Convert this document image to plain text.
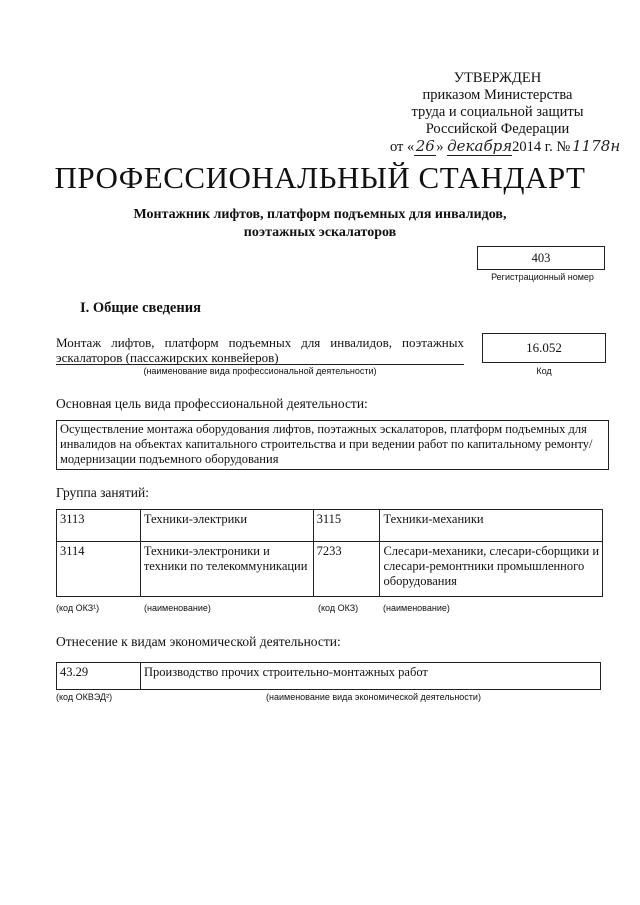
УТВЕРЖДЕН
приказом Министерства
труда и социальной защиты
Российской Федерации
от «26» декабря2014 г. № 1178н
ПРОФЕССИОНАЛЬНЫЙ СТАНДАРТ
Монтажник лифтов, платформ подъемных для инвалидов,
поэтажных эскалаторов
403
Регистрационный номер
I. Общие сведения
Монтаж лифтов, платформ подъемных для инвалидов, поэтажных эскалаторов (пассажирских конвейеров)
(наименование вида профессиональной деятельности)
16.052
Код
Основная цель вида профессиональной деятельности:
Осуществление монтажа оборудования лифтов, поэтажных эскалаторов, платформ подъемных для инвалидов на объектах капитального строительства и при ведении работ по капитальному ремонту/модернизации подъемного оборудования
Группа занятий:
3113	Техники-электрики	3115	Техники-механики
3114	Техники-электроники и техники по телекоммуникации	7233	Слесари-механики, слесари-сборщики и слесари-ремонтники промышленного оборудования
(код ОКЗ¹)	(наименование)	(код ОКЗ)	(наименование)
Отнесение к видам экономической деятельности:
43.29	Производство прочих строительно-монтажных работ
(код ОКВЭД²)	(наименование вида экономической деятельности)
